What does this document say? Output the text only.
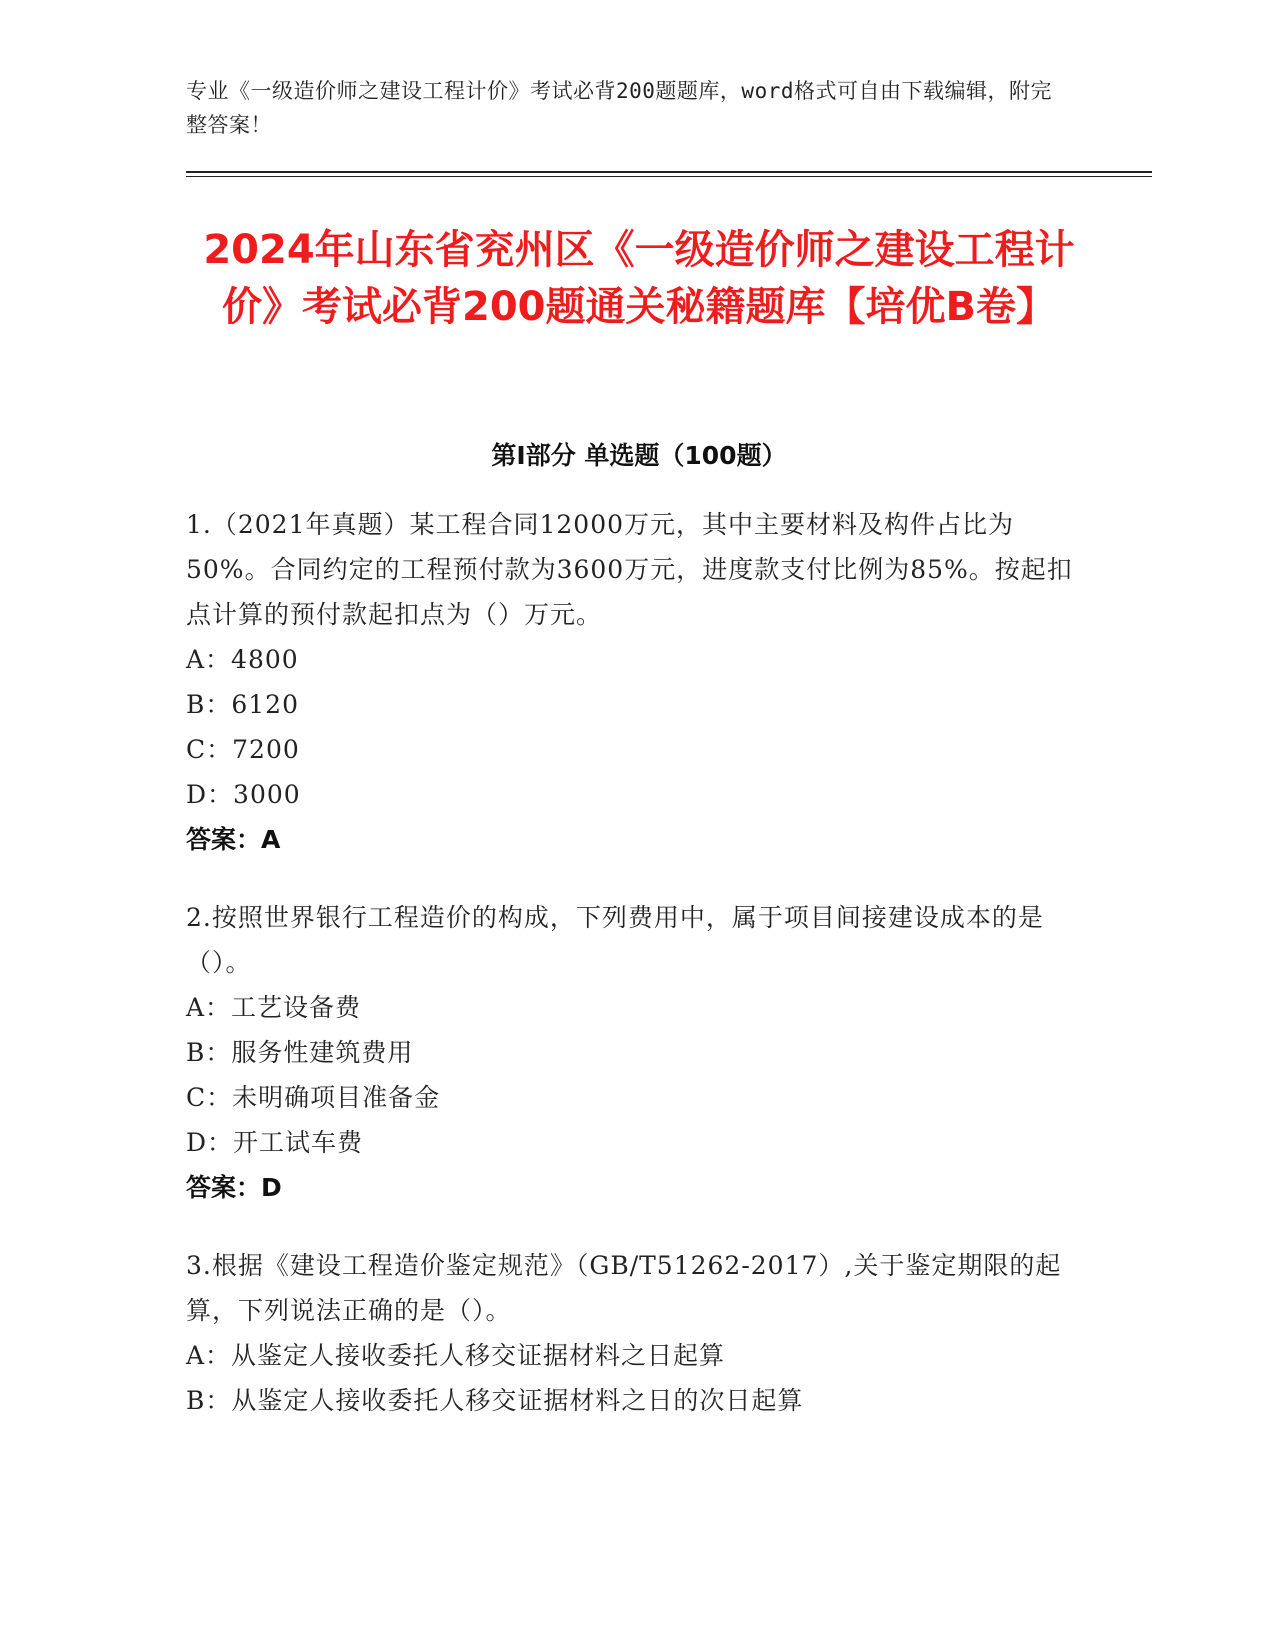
专业《一级造价师之建设工程计价》考试必背200题题库，word格式可自由下载编辑，附完整答案！
2024年山东省兖州区《一级造价师之建设工程计价》考试必背200题通关秘籍题库【培优B卷】
第I部分 单选题（100题）
1.（2021年真题）某工程合同12000万元，其中主要材料及构件占比为50%。合同约定的工程预付款为3600万元，进度款支付比例为85%。按起扣点计算的预付款起扣点为（）万元。
A：4800
B：6120
C：7200
D：3000
答案：A
2.按照世界银行工程造价的构成，下列费用中，属于项目间接建设成本的是（）。
A：工艺设备费
B：服务性建筑费用
C：未明确项目准备金
D：开工试车费
答案：D
3.根据《建设工程造价鉴定规范》（GB/T51262-2017）,关于鉴定期限的起算，下列说法正确的是（）。
A：从鉴定人接收委托人移交证据材料之日起算
B：从鉴定人接收委托人移交证据材料之日的次日起算
